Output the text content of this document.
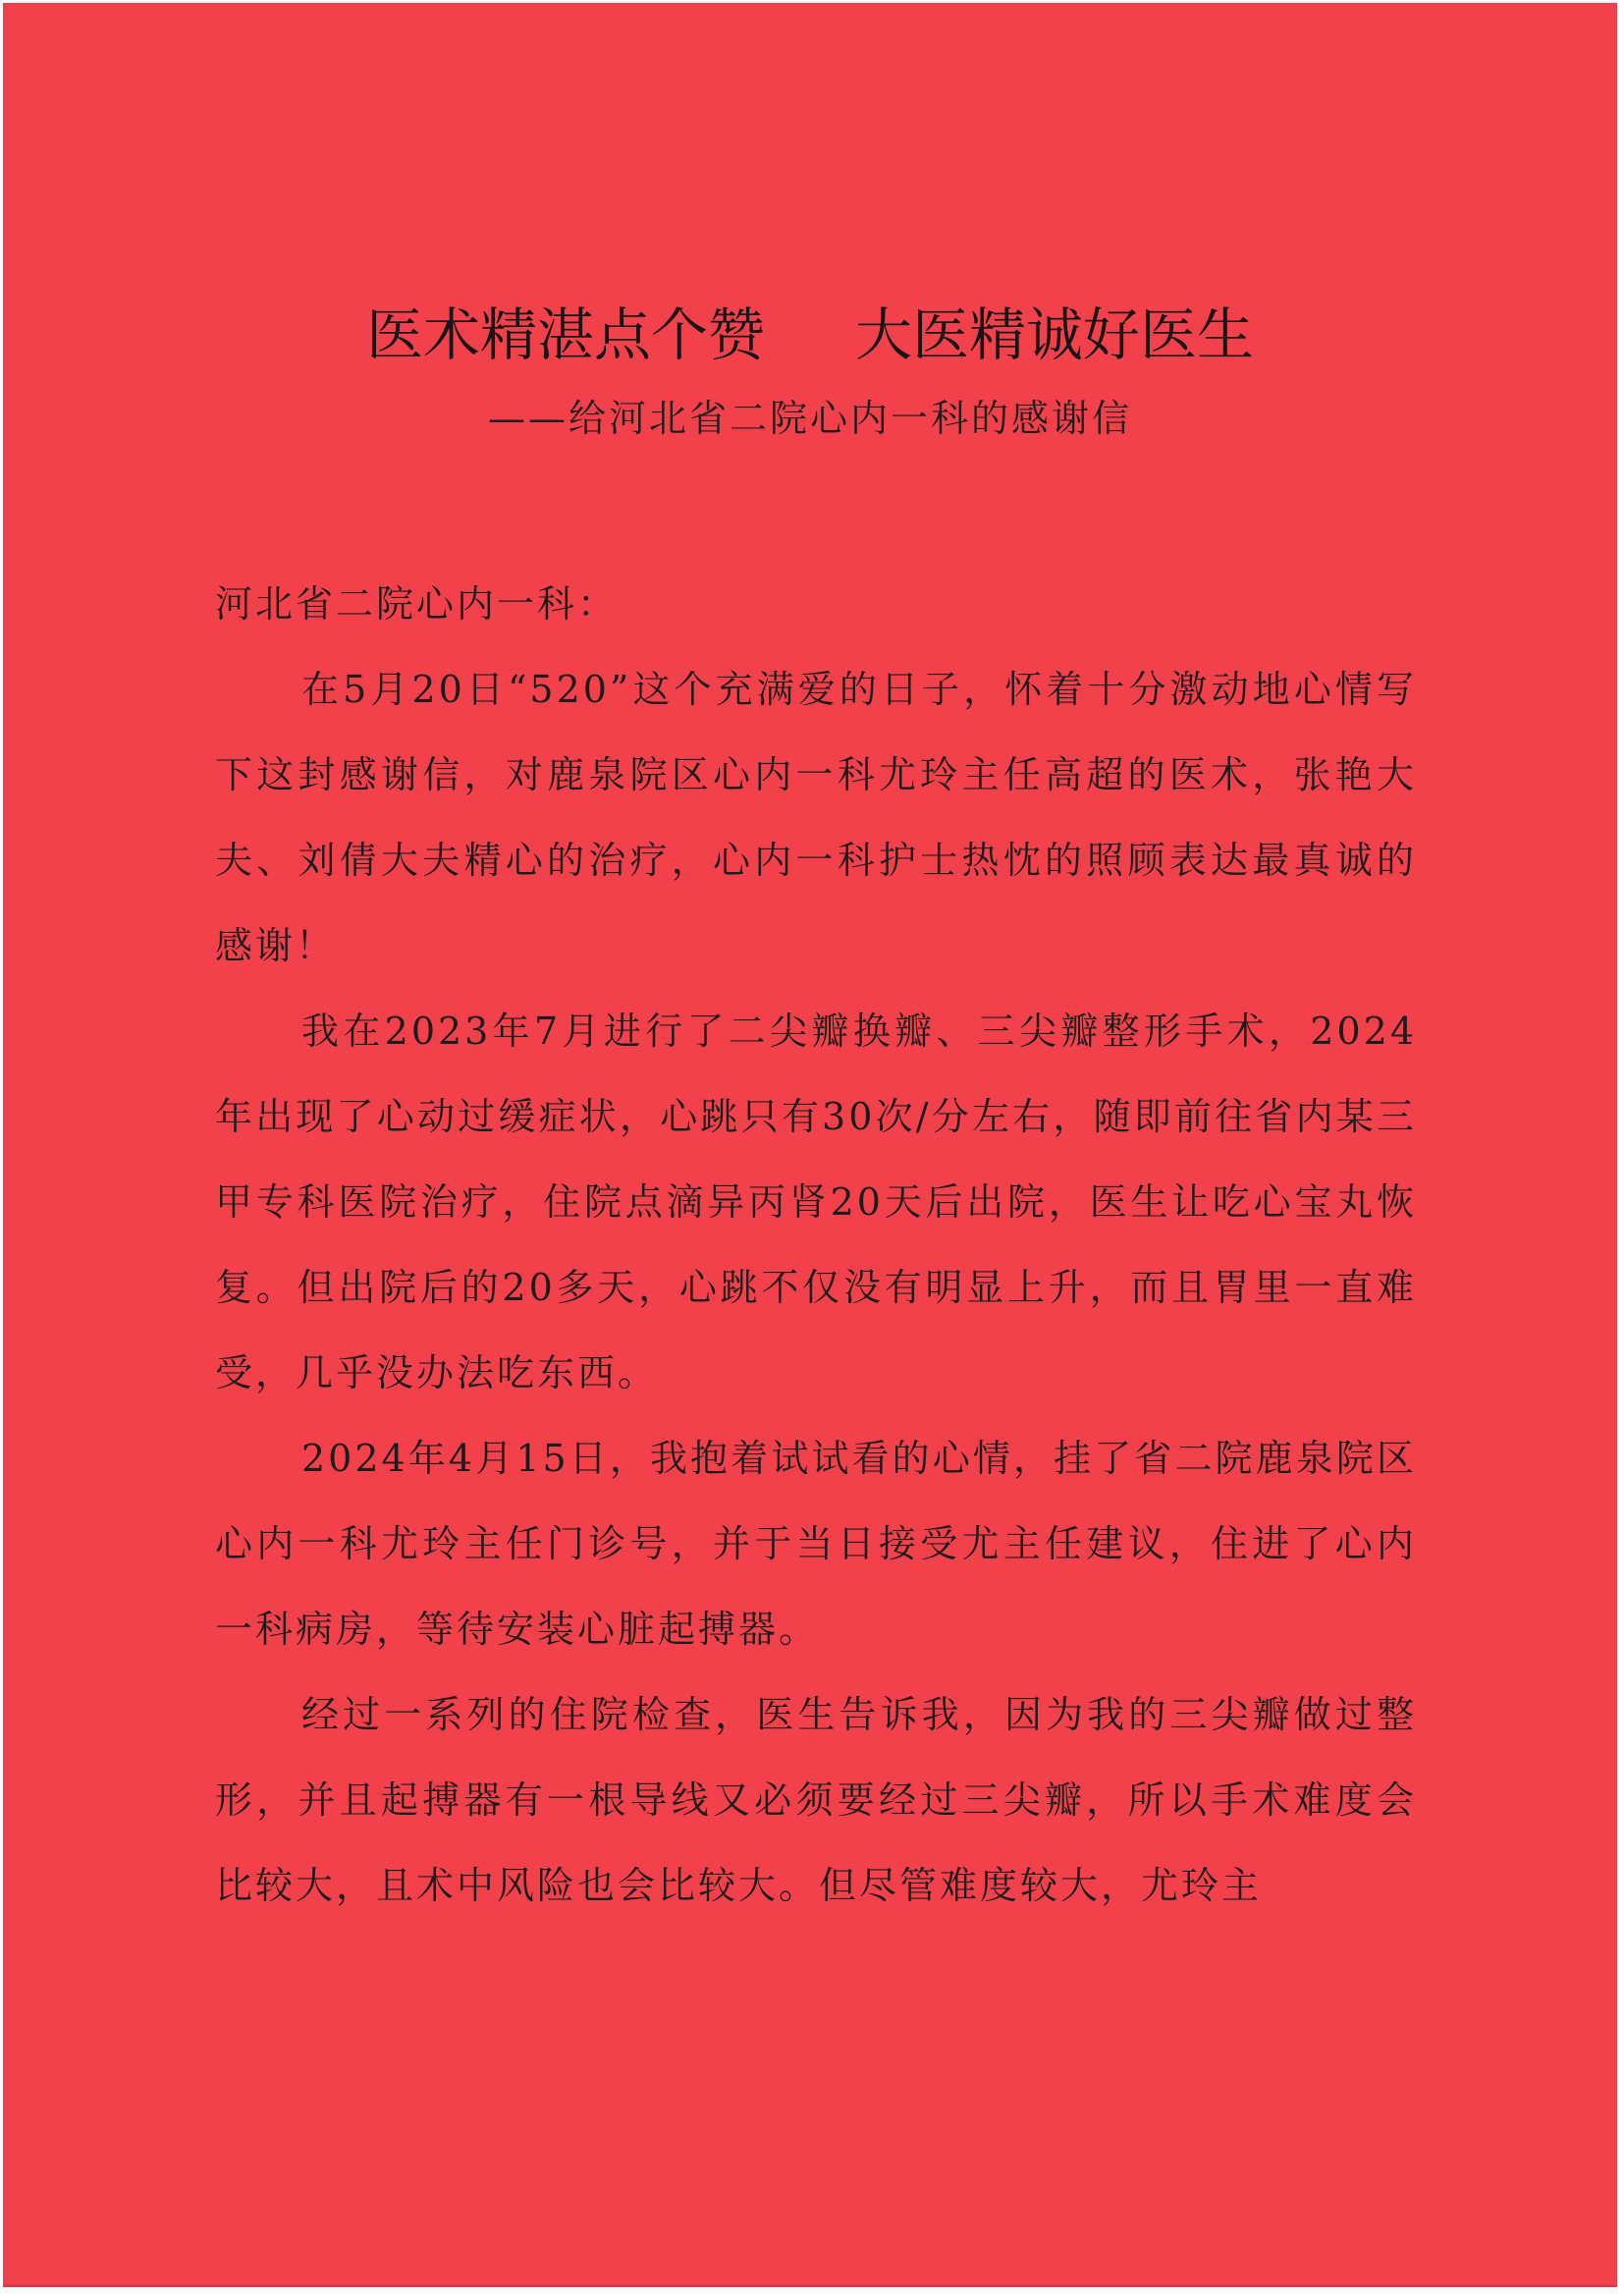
医术精湛点个赞 大医精诚好医生
——给河北省二院心内一科的感谢信

河北省二院心内一科：

在5月20日“520”这个充满爱的日子，怀着十分激动地心情写下这封感谢信，对鹿泉院区心内一科尤玲主任高超的医术，张艳大夫、刘倩大夫精心的治疗，心内一科护士热忱的照顾表达最真诚的感谢！

我在2023年7月进行了二尖瓣换瓣、三尖瓣整形手术，2024年出现了心动过缓症状，心跳只有30次/分左右，随即前往省内某三甲专科医院治疗，住院点滴异丙肾20天后出院，医生让吃心宝丸恢复。但出院后的20多天，心跳不仅没有明显上升，而且胃里一直难受，几乎没办法吃东西。

2024年4月15日，我抱着试试看的心情，挂了省二院鹿泉院区心内一科尤玲主任门诊号，并于当日接受尤主任建议，住进了心内一科病房，等待安装心脏起搏器。

经过一系列的住院检查，医生告诉我，因为我的三尖瓣做过整形，并且起搏器有一根导线又必须要经过三尖瓣，所以手术难度会比较大，且术中风险也会比较大。但尽管难度较大，尤玲主
